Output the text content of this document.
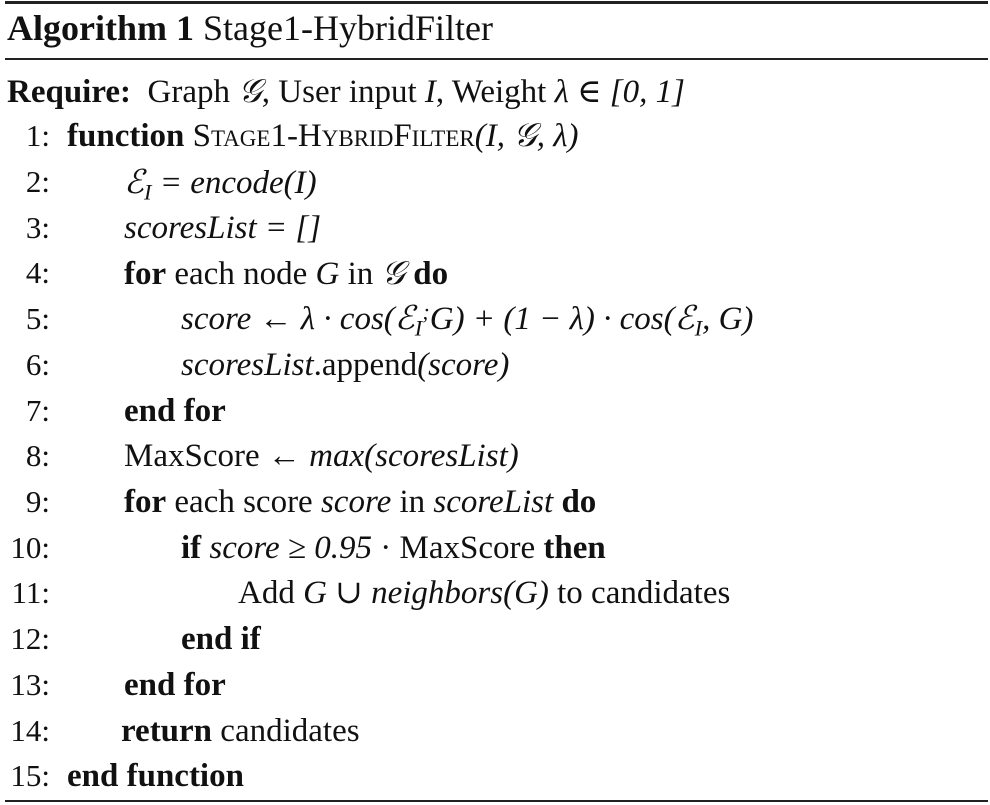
Algorithm 1 Stage1-HybridFilter
Require: Graph 𝒢, User input I, Weight λ ∈ [0, 1]
1: function Stage1-HybridFilter(I, 𝒢, λ)
2: ℰ$_I$ = encode(I)
3: scoresList = []
4: for each node G in 𝒢 do
5:	score ← λ · cos(ℰ$_I$;G) + (1 − λ) · cos(ℰ$_I$, G)
6:	scoresList.append(score)
7: end for
8: MaxScore ← max(scoresList)
9: for each score score in scoreList do
10:	if score ≥ 0.95 · MaxScore then
11:	Add G ∪ neighbors(G) to candidates
12:	end if
13: end for
14: return candidates
15: end function
